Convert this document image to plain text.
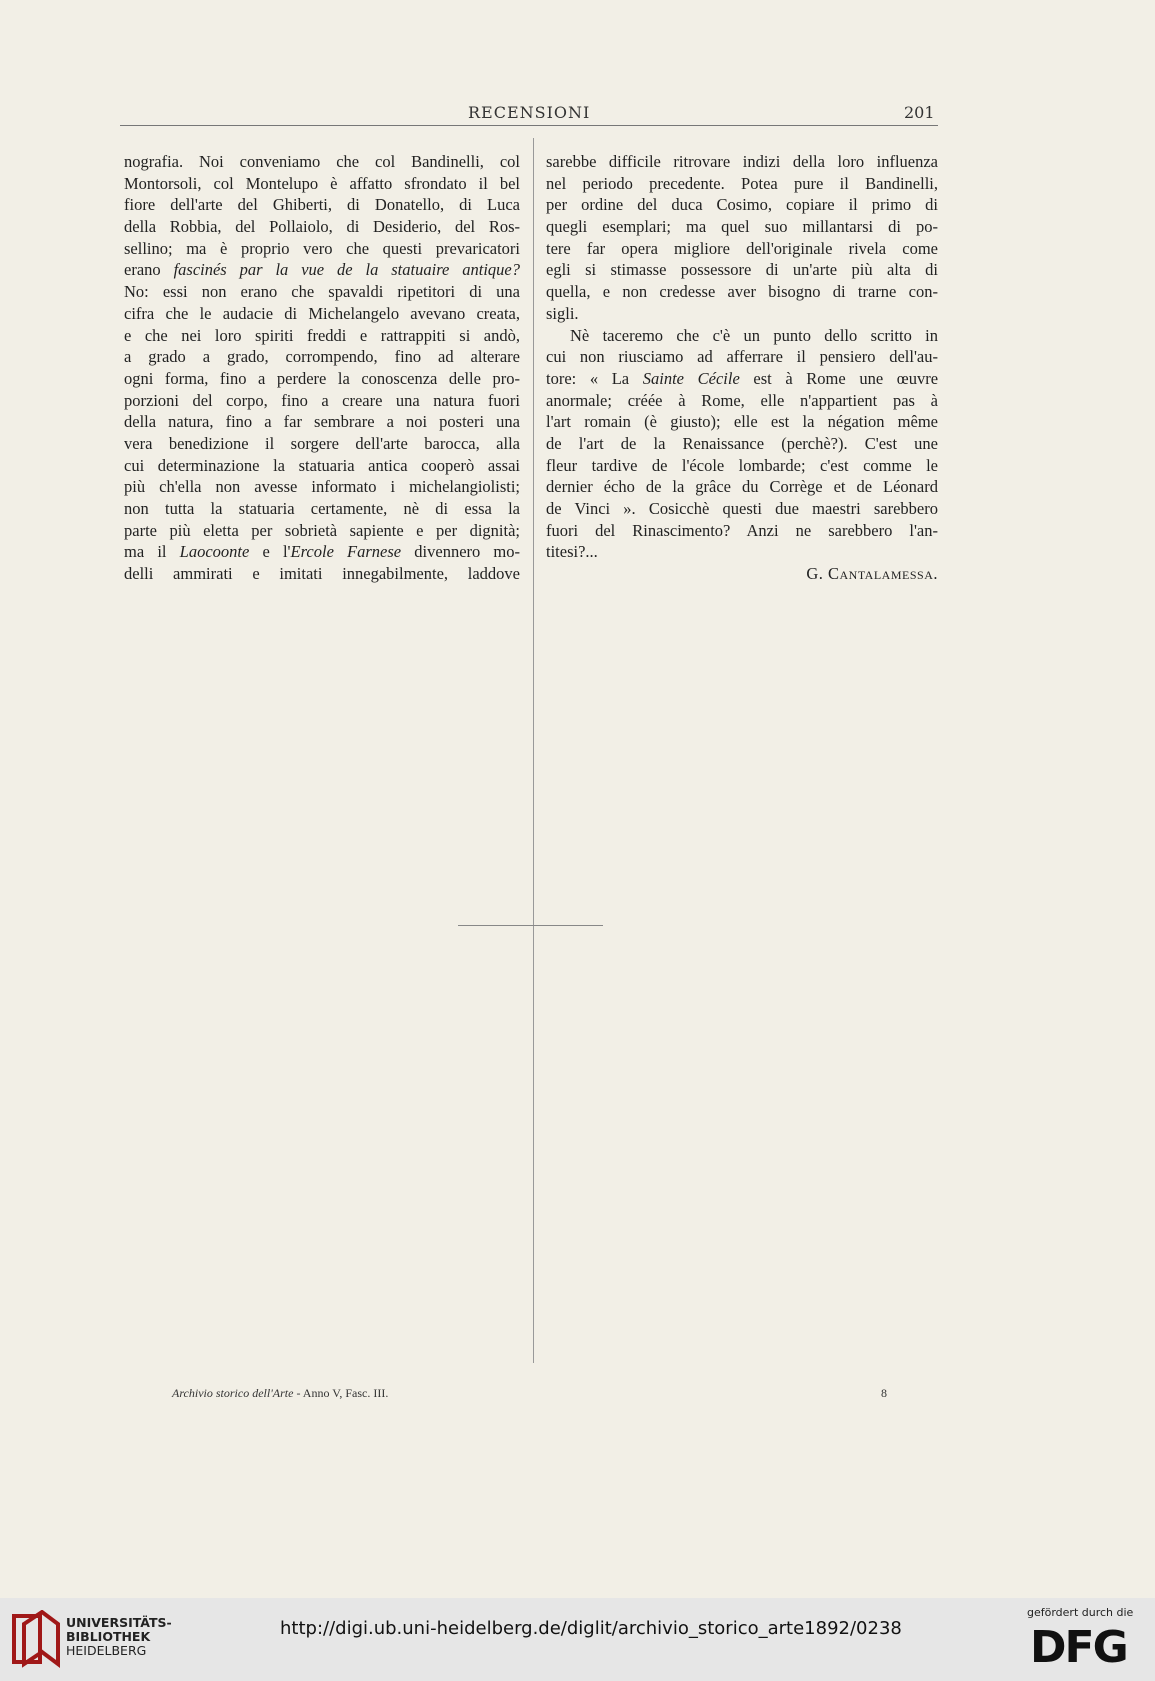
RECENSIONI	201

nografia. Noi conveniamo che col Bandinelli, col
Montorsoli, col Montelupo è affatto sfrondato il bel
fiore dell'arte del Ghiberti, di Donatello, di Luca
della Robbia, del Pollaiolo, di Desiderio, del Ros-
sellino; ma è proprio vero che questi prevaricatori
erano fascinés par la vue de la statuaire antique?
No: essi non erano che spavaldi ripetitori di una
cifra che le audacie di Michelangelo avevano creata,
e che nei loro spiriti freddi e rattrappiti si andò,
a grado a grado, corrompendo, fino ad alterare
ogni forma, fino a perdere la conoscenza delle pro-
porzioni del corpo, fino a creare una natura fuori
della natura, fino a far sembrare a noi posteri una
vera benedizione il sorgere dell'arte barocca, alla
cui determinazione la statuaria antica cooperò assai
più ch'ella non avesse informato i michelangiolisti;
non tutta la statuaria certamente, nè di essa la
parte più eletta per sobrietà sapiente e per dignità;
ma il Laocoonte e l'Ercole Farnese divennero mo-
delli ammirati e imitati innegabilmente, laddove
sarebbe difficile ritrovare indizi della loro influenza
nel periodo precedente. Potea pure il Bandinelli,
per ordine del duca Cosimo, copiare il primo di
quegli esemplari; ma quel suo millantarsi di po-
tere far opera migliore dell'originale rivela come
egli si stimasse possessore di un'arte più alta di
quella, e non credesse aver bisogno di trarne con-
sigli.
Nè taceremo che c'è un punto dello scritto in
cui non riusciamo ad afferrare il pensiero dell'au-
tore: « La Sainte Cécile est à Rome une œuvre
anormale; créée à Rome, elle n'appartient pas à
l'art romain (è giusto); elle est la négation même
de l'art de la Renaissance (perchè?). C'est une
fleur tardive de l'école lombarde; c'est comme le
dernier écho de la grâce du Corrège et de Léonard
de Vinci ». Cosicchè questi due maestri sarebbero
fuori del Rinascimento? Anzi ne sarebbero l'an-
titesi?...
G. Cantalamessa.
Archivio storico dell'Arte - Anno V, Fasc. III.	8
UNIVERSITÄTS-
BIBLIOTHEK
HEIDELBERG
http://digi.ub.uni-heidelberg.de/diglit/archivio_storico_arte1892/0238
gefördert durch die
DFG
